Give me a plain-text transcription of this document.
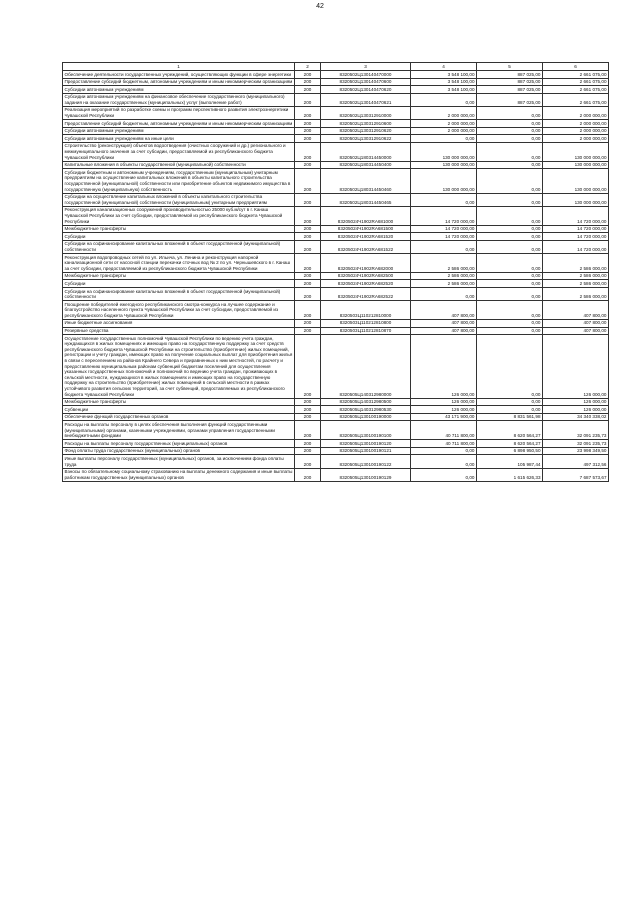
42
1	2	3	4	5	6
Обеспечение деятельности государственных учреждений, осуществляющих функции в сфере энергетики	200	8320502Ц130140470000	3 548 100,00	887 025,00	2 661 075,00
Предоставление субсидий бюджетным, автономным учреждениям и иным некоммерческим организациям	200	8320502Ц130140470600	3 548 100,00	887 025,00	2 661 075,00
Субсидии автономным учреждениям	200	8320502Ц130140470620	3 548 100,00	887 025,00	2 661 075,00
Субсидии автономным учреждениям на финансовое обеспечение государственного (муниципального) задания на оказание государственных (муниципальных) услуг (выполнение работ)	200	8320502Ц130140470621	0,00	887 025,00	2 661 075,00
Реализация мероприятий по разработке схемы и программ перспективного развития электроэнергетики Чувашской Республики	200	8320502Ц130312910000	2 000 000,00	0,00	2 000 000,00
Предоставление субсидий бюджетным, автономным учреждениям и иным некоммерческим организациям	200	8320502Ц130312910600	2 000 000,00	0,00	2 000 000,00
Субсидии автономным учреждениям	200	8320502Ц130312910620	2 000 000,00	0,00	2 000 000,00
Субсидии автономным учреждениям на иные цели	200	8320502Ц130312910622	0,00	0,00	2 000 000,00
Строительство (реконструкция) объектов водоотведения (очистных сооружений и др.) регионального и межмуниципального значения за счет субсидии, предоставляемой из республиканского бюджета Чувашской Республики	200	8320502Ц180314450000	130 000 000,00	0,00	130 000 000,00
Капитальные вложения в объекты государственной (муниципальной) собственности	200	8320502Ц180314450400	130 000 000,00	0,00	130 000 000,00
Субсидии бюджетным и автономным учреждениям, государственным (муниципальным) унитарным предприятиям на осуществление капитальных вложений в объекты капитального строительства государственной (муниципальной) собственности или приобретение объектов недвижимого имущества в государственную (муниципальную) собственность	200	8320502Ц180314450460	130 000 000,00	0,00	130 000 000,00
Субсидии на осуществление капитальных вложений в объекты капитального строительства государственной (муниципальной) собственности (муниципальным) унитарным предприятиям	200	8320502Ц180314450465	0,00	0,00	130 000 000,00
Реконструкция канализационных сооружений производительностью 25000 куб.м/сут в г. Канаш Чувашской Республики за счет субсидии, предоставляемой из республиканского бюджета Чувашской Республики	200	83205024Ч1902RA681000	14 720 000,00	0,00	14 720 000,00
Межбюджетные трансферты	200	83205024Ч1902RA681500	14 720 000,00	0,00	14 720 000,00
Субсидии	200	83205024Ч1902RA681520	14 720 000,00	0,00	14 720 000,00
Субсидии на софинансирование капитальных вложений в объект государственной (муниципальной) собственности	200	83205024Ч1902RA681522	0,00	0,00	14 720 000,00
Реконструкция водопроводных сетей по ул. Ильича, ул. Ленина и реконструкция напорной канализационной сети от насосной станции перекачки сточных вод № 2 по ул. Чернышевского в г. Канаш за счет субсидии, предоставляемой из республиканского бюджета Чувашской Республики	200	83205024Ч1902RA682000	2 586 000,00	0,00	2 586 000,00
Межбюджетные трансферты	200	83205024Ч1902RA682500	2 586 000,00	0,00	2 586 000,00
Субсидии	200	83205024Ч1902RA682520	2 586 000,00	0,00	2 586 000,00
Субсидии на софинансирование капитальных вложений в объект государственной (муниципальной) собственности	200	83205024Ч1902RA682522	0,00	0,00	2 586 000,00
Поощрение победителей ежегодного республиканского смотра-конкурса на лучшее содержание и благоустройство населенного пункта Чувашской Республики за счет субсидии, предоставляемой из республиканского бюджета Чувашской Республики	200	8320503Ц110212810000	407 800,00	0,00	407 800,00
Иные бюджетные ассигнования	200	8320503Ц110212810800	407 800,00	0,00	407 800,00
Резервные средства	200	8320503Ц110212810870	407 800,00	0,00	407 800,00
Осуществление государственных полномочий Чувашской Республики по ведению учета граждан, нуждающихся в жилых помещениях и имеющих право на государственную поддержку за счет средств республиканского бюджета Чувашской Республики на строительство (приобретение) жилых помещений, регистрации и учету граждан, имеющих право на получение социальных выплат для приобретения жилья в связи с переселением из районов Крайнего Севера и приравненных к ним местностей, по расчету и предоставлению муниципальным районам субвенций бюджетам поселений для осуществления указанных государственных полномочий и полномочий по ведению учета граждан, проживающих в сельской местности, нуждающихся в жилых помещениях и имеющих право на государственную поддержку на строительство (приобретение) жилых помещений в сельской местности в рамках устойчивого развития сельских территорий, за счет субвенций, предоставляемых из республиканского бюджета Чувашской Республики	200	8320505Ц140312980000	126 000,00	0,00	126 000,00
Межбюджетные трансферты	200	8320505Ц140312980500	126 000,00	0,00	126 000,00
Субвенции	200	8320505Ц140312980530	126 000,00	0,00	126 000,00
Обеспечение функций государственных органов	200	8320505Ц130100190000	43 171 900,00	8 831 561,98	34 340 338,02
Расходы на выплаты персоналу в целях обеспечения выполнения функций государственными (муниципальными) органами, казенными учреждениями, органами управления государственными внебюджетными фондами	200	8320505Ц130100190100	40 711 800,00	8 620 564,27	32 091 235,73
Расходы на выплаты персоналу государственных (муниципальных) органов	200	8320505Ц130100190120	40 711 800,00	8 620 564,27	32 091 235,73
Фонд оплаты труда государственных (муниципальных) органов	200	8320505Ц130100190121	0,00	6 898 950,50	23 998 349,50
Иные выплаты персоналу государственных (муниципальных) органов, за исключением фонда оплаты труда	200	8320505Ц130100190122	0,00	105 987,44	497 312,56
Взносы по обязательному социальному страхованию на выплаты денежного содержания и иные выплаты работникам государственных (муниципальных) органов	200	8320505Ц130100190129	0,00	1 615 626,33	7 687 573,67
